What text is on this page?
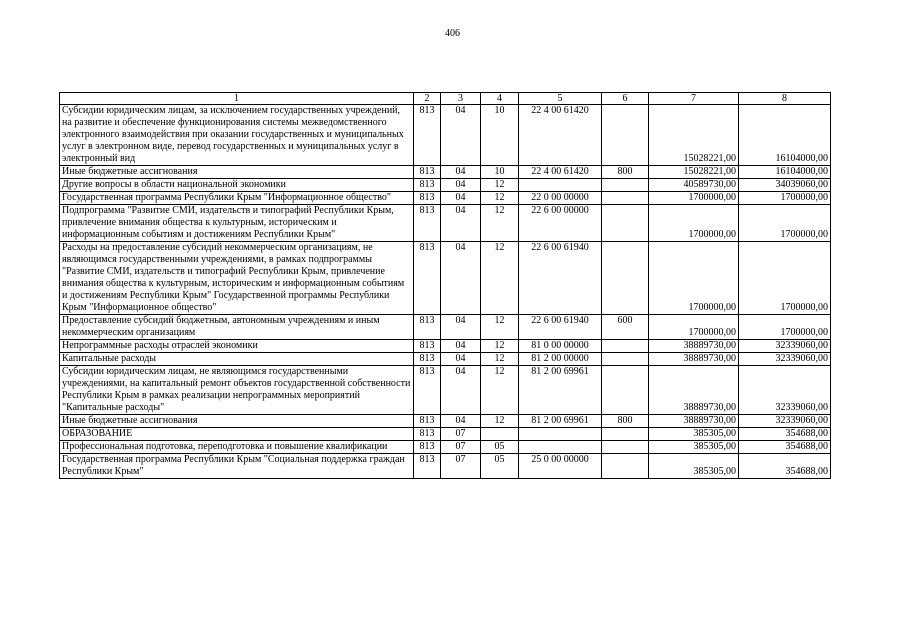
406
1	2	3	4	5	6	7	8
Субсидии юридическим лицам, за исключением государственных учреждений, на развитие и обеспечение функционирования системы межведомственного электронного взаимодействия при оказании государственных и муниципальных услуг в электронном виде, перевод государственных и муниципальных услуг в электронный вид	813	04	10	22 4 00 61420		15028221,00	16104000,00
Иные бюджетные ассигнования	813	04	10	22 4 00 61420	800	15028221,00	16104000,00
Другие вопросы в области национальной экономики	813	04	12			40589730,00	34039060,00
Государственная программа Республики Крым "Информационное общество"	813	04	12	22 0 00 00000		1700000,00	1700000,00
Подпрограмма "Развитие СМИ, издательств и типографий Республики Крым, привлечение внимания общества к культурным, историческим и информационным событиям и достижениям Республики Крым"	813	04	12	22 6 00 00000		1700000,00	1700000,00
Расходы на предоставление субсидий некоммерческим организациям, не являющимся государственными учреждениями, в рамках подпрограммы "Развитие СМИ, издательств и типографий Республики Крым, привлечение внимания общества к культурным, историческим и информационным событиям и достижениям Республики Крым" Государственной программы Республики Крым "Информационное общество"	813	04	12	22 6 00 61940		1700000,00	1700000,00
Предоставление субсидий бюджетным, автономным учреждениям и иным некоммерческим организациям	813	04	12	22 6 00 61940	600	1700000,00	1700000,00
Непрограммные расходы отраслей экономики	813	04	12	81 0 00 00000		38889730,00	32339060,00
Капитальные расходы	813	04	12	81 2 00 00000		38889730,00	32339060,00
Субсидии юридическим лицам, не являющимся государственными учреждениями, на капитальный ремонт объектов государственной собственности Республики Крым в рамках реализации непрограммных мероприятий "Капитальные расходы"	813	04	12	81 2 00 69961		38889730,00	32339060,00
Иные бюджетные ассигнования	813	04	12	81 2 00 69961	800	38889730,00	32339060,00
ОБРАЗОВАНИЕ	813	07				385305,00	354688,00
Профессиональная подготовка, переподготовка и повышение квалификации	813	07	05			385305,00	354688,00
Государственная программа Республики Крым "Социальная поддержка граждан Республики Крым"	813	07	05	25 0 00 00000		385305,00	354688,00
